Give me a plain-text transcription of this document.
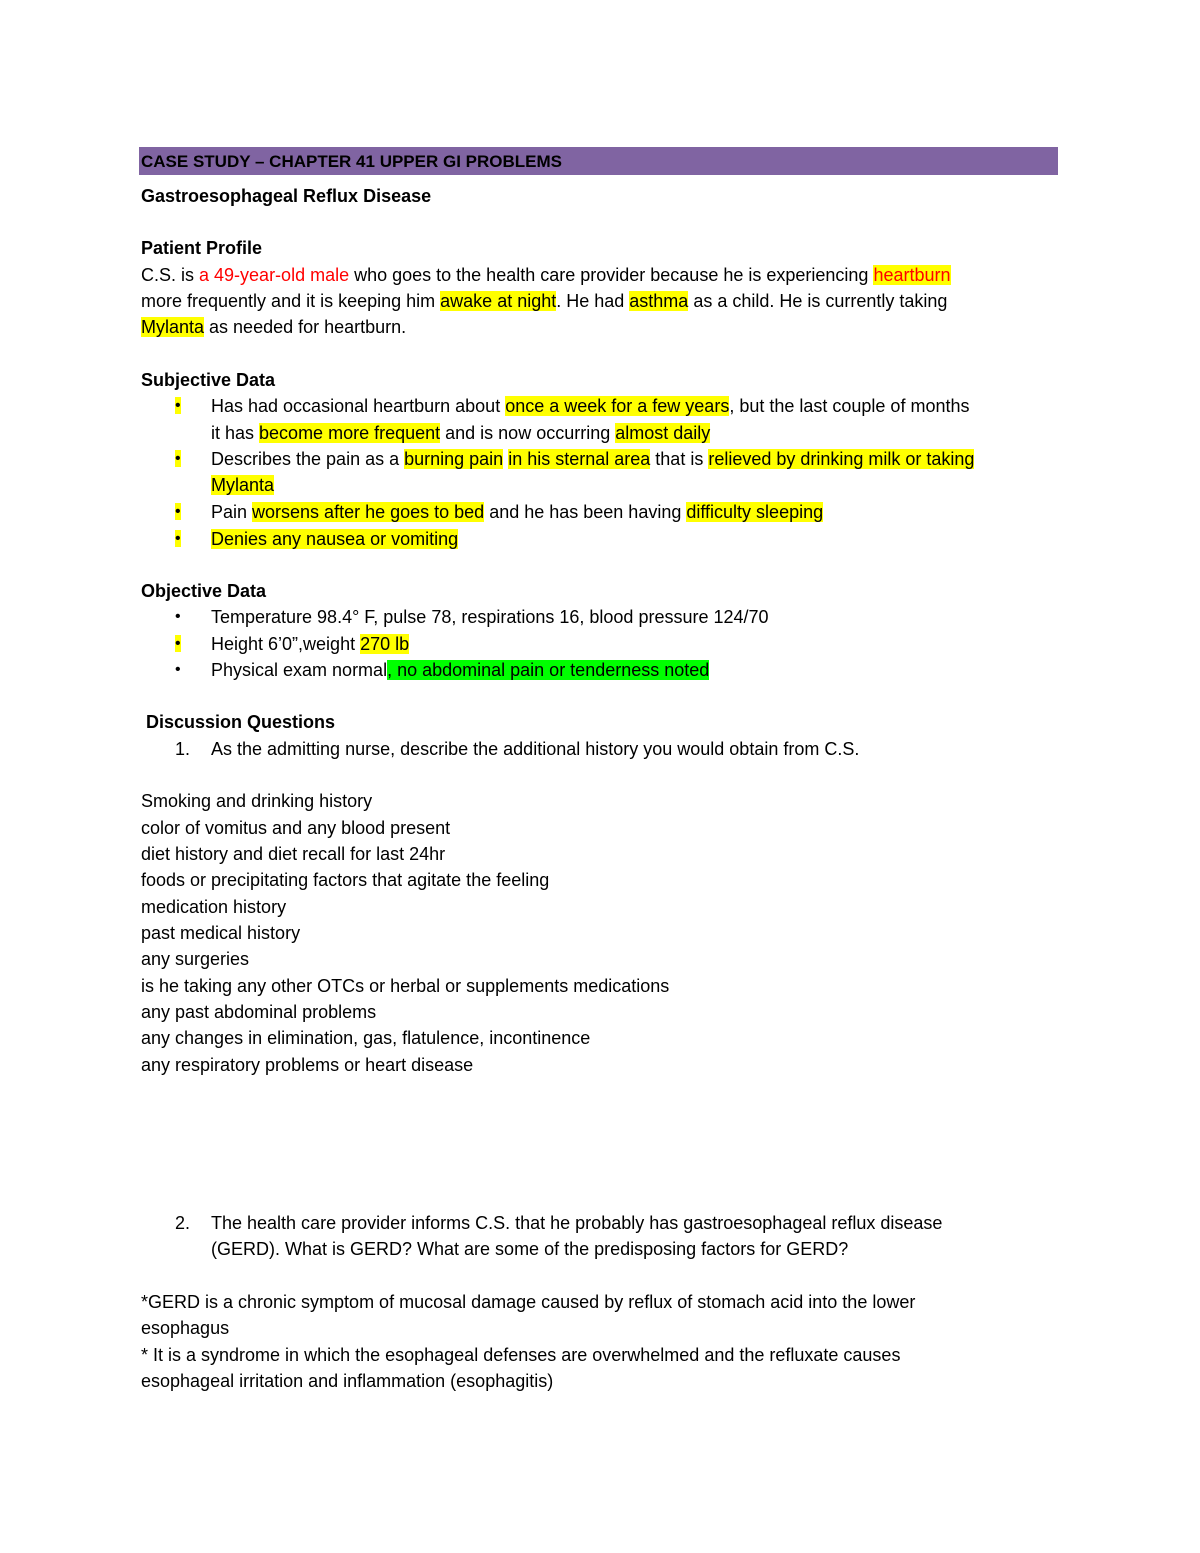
CASE STUDY – CHAPTER 41 UPPER GI PROBLEMS
Gastroesophageal Reflux Disease
Patient Profile
C.S. is a 49-year-old male who goes to the health care provider because he is experiencing heartburn
more frequently and it is keeping him awake at night. He had asthma as a child. He is currently taking
Mylanta as needed for heartburn.
Subjective Data
• Has had occasional heartburn about once a week for a few years, but the last couple of months
it has become more frequent and is now occurring almost daily
• Describes the pain as a burning pain in his sternal area that is relieved by drinking milk or taking
Mylanta
• Pain worsens after he goes to bed and he has been having difficulty sleeping
• Denies any nausea or vomiting
Objective Data
• Temperature 98.4° F, pulse 78, respirations 16, blood pressure 124/70
• Height 6’0”,weight 270 lb
• Physical exam normal, no abdominal pain or tenderness noted
Discussion Questions
1. As the admitting nurse, describe the additional history you would obtain from C.S.
Smoking and drinking history
color of vomitus and any blood present
diet history and diet recall for last 24hr
foods or precipitating factors that agitate the feeling
medication history
past medical history
any surgeries
is he taking any other OTCs or herbal or supplements medications
any past abdominal problems
any changes in elimination, gas, flatulence, incontinence
any respiratory problems or heart disease
2. The health care provider informs C.S. that he probably has gastroesophageal reflux disease
(GERD). What is GERD? What are some of the predisposing factors for GERD?
*GERD is a chronic symptom of mucosal damage caused by reflux of stomach acid into the lower
esophagus
* It is a syndrome in which the esophageal defenses are overwhelmed and the refluxate causes
esophageal irritation and inflammation (esophagitis)
